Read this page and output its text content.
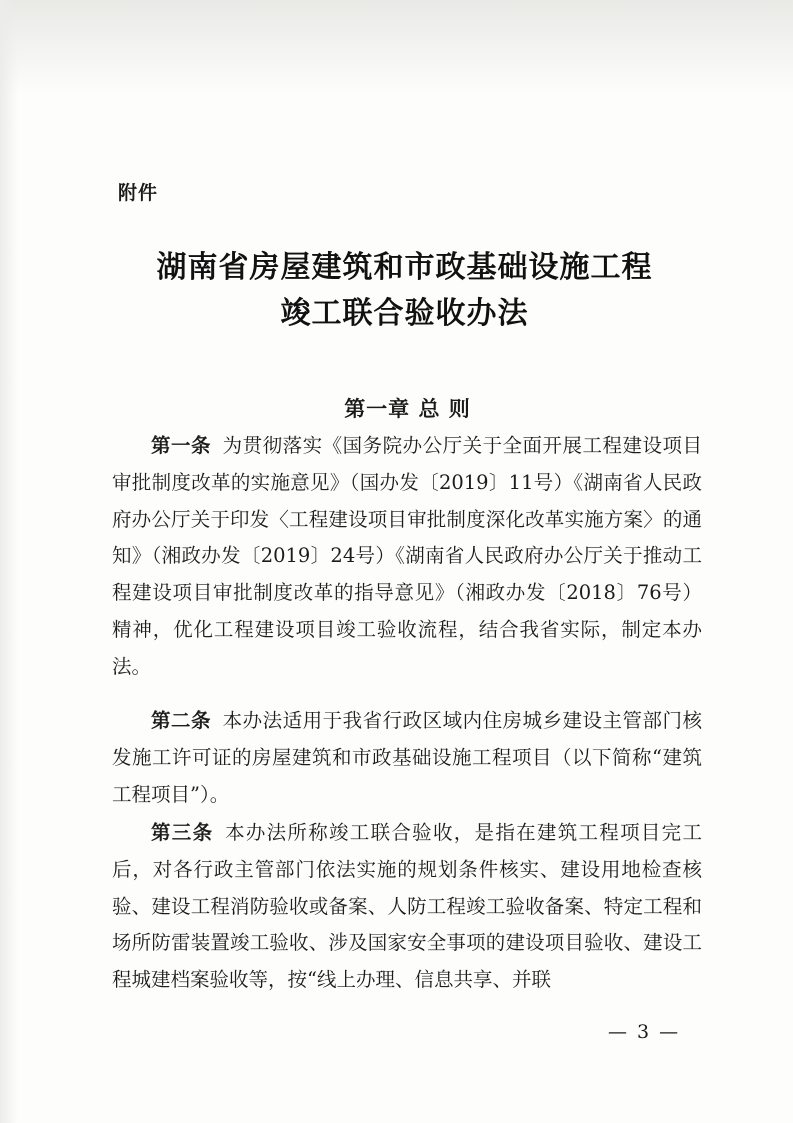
附件
湖南省房屋建筑和市政基础设施工程
竣工联合验收办法
第一章 总 则

第一条 为贯彻落实《国务院办公厅关于全面开展工程建设项目审批制度改革的实施意见》（国办发〔2019〕11号）《湖南省人民政府办公厅关于印发〈工程建设项目审批制度深化改革实施方案〉的通知》（湘政办发〔2019〕24号）《湖南省人民政府办公厅关于推动工程建设项目审批制度改革的指导意见》（湘政办发〔2018〕76号）精神，优化工程建设项目竣工验收流程，结合我省实际，制定本办法。

第二条 本办法适用于我省行政区域内住房城乡建设主管部门核发施工许可证的房屋建筑和市政基础设施工程项目（以下简称“建筑工程项目”）。

第三条 本办法所称竣工联合验收，是指在建筑工程项目完工后，对各行政主管部门依法实施的规划条件核实、建设用地检查核验、建设工程消防验收或备案、人防工程竣工验收备案、特定工程和场所防雷装置竣工验收、涉及国家安全事项的建设项目验收、建设工程城建档案验收等，按“线上办理、信息共享、并联

— 3 —
